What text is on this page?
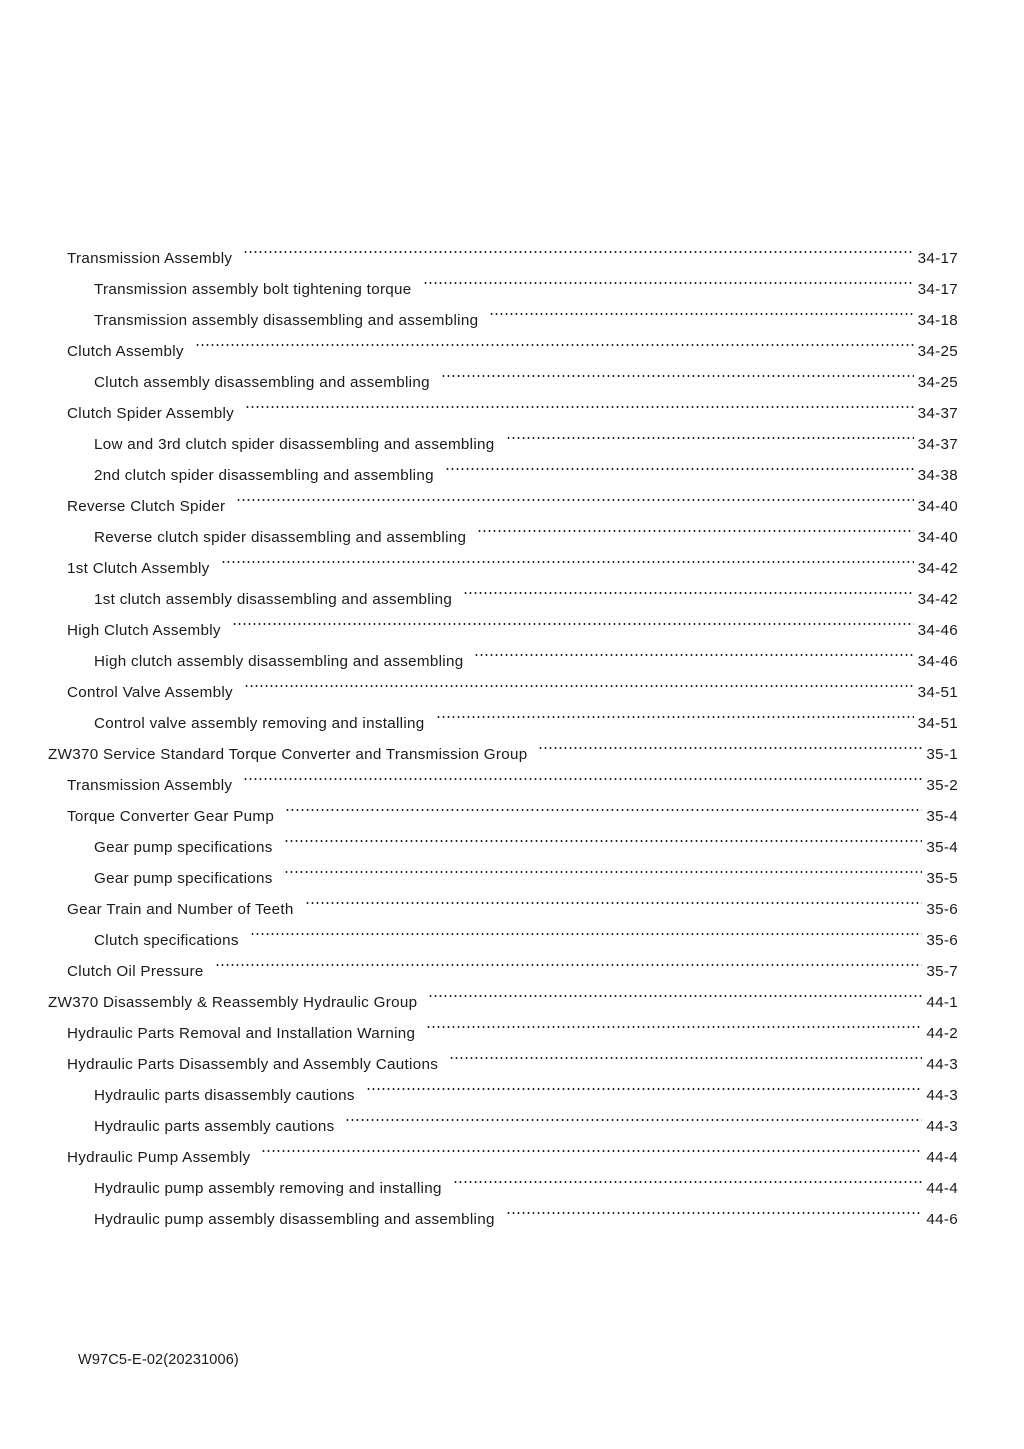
Transmission Assembly	34-17
Transmission assembly bolt tightening torque	34-17
Transmission assembly disassembling and assembling	34-18
Clutch Assembly	34-25
Clutch assembly disassembling and assembling	34-25
Clutch Spider Assembly	34-37
Low and 3rd clutch spider disassembling and assembling	34-37
2nd clutch spider disassembling and assembling	34-38
Reverse Clutch Spider	34-40
Reverse clutch spider disassembling and assembling	34-40
1st Clutch Assembly	34-42
1st clutch assembly disassembling and assembling	34-42
High Clutch Assembly	34-46
High clutch assembly disassembling and assembling	34-46
Control Valve Assembly	34-51
Control valve assembly removing and installing	34-51
ZW370 Service Standard Torque Converter and Transmission Group	35-1
Transmission Assembly	35-2
Torque Converter Gear Pump	35-4
Gear pump specifications	35-4
Gear pump specifications	35-5
Gear Train and Number of Teeth	35-6
Clutch specifications	35-6
Clutch Oil Pressure	35-7
ZW370 Disassembly & Reassembly Hydraulic Group	44-1
Hydraulic Parts Removal and Installation Warning	44-2
Hydraulic Parts Disassembly and Assembly Cautions	44-3
Hydraulic parts disassembly cautions	44-3
Hydraulic parts assembly cautions	44-3
Hydraulic Pump Assembly	44-4
Hydraulic pump assembly removing and installing	44-4
Hydraulic pump assembly disassembling and assembling	44-6
W97C5-E-02(20231006)
